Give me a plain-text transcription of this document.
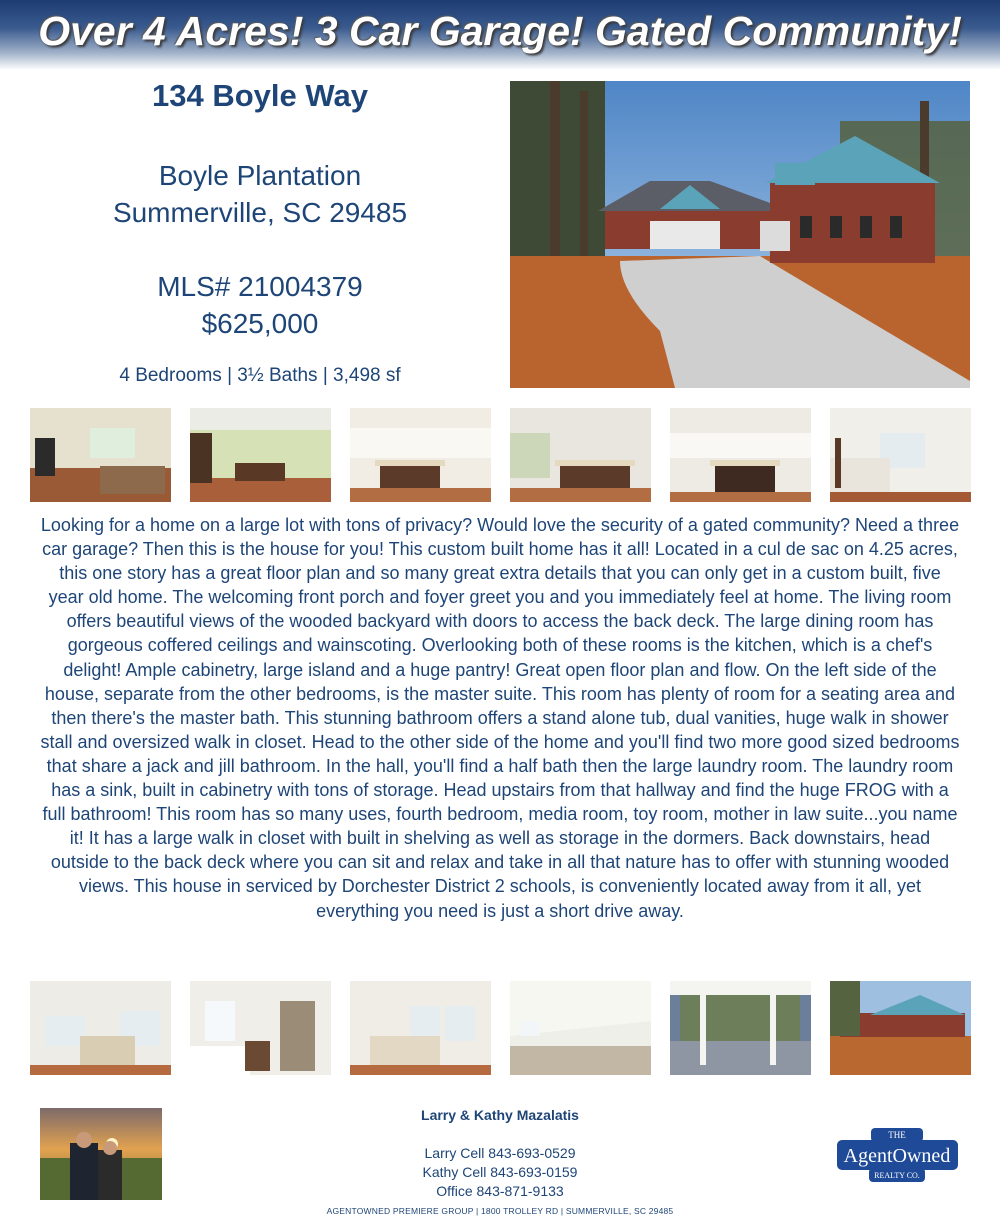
Over 4 Acres! 3 Car Garage! Gated Community!
134 Boyle Way
Boyle Plantation
Summerville, SC 29485
MLS# 21004379
$625,000
4 Bedrooms | 3½ Baths | 3,498 sf
Looking for a home on a large lot with tons of privacy? Would love the security of a gated community? Need a three car garage? Then this is the house for you! This custom built home has it all! Located in a cul de sac on 4.25 acres, this one story has a great floor plan and so many great extra details that you can only get in a custom built, five year old home. The welcoming front porch and foyer greet you and you immediately feel at home. The living room offers beautiful views of the wooded backyard with doors to access the back deck. The large dining room has gorgeous coffered ceilings and wainscoting. Overlooking both of these rooms is the kitchen, which is a chef's delight! Ample cabinetry, large island and a huge pantry! Great open floor plan and flow. On the left side of the house, separate from the other bedrooms, is the master suite. This room has plenty of room for a seating area and then there's the master bath. This stunning bathroom offers a stand alone tub, dual vanities, huge walk in shower stall and oversized walk in closet. Head to the other side of the home and you'll find two more good sized bedrooms that share a jack and jill bathroom. In the hall, you'll find a half bath then the large laundry room. The laundry room has a sink, built in cabinetry with tons of storage. Head upstairs from that hallway and find the huge FROG with a full bathroom! This room has so many uses, fourth bedroom, media room, toy room, mother in law suite...you name it! It has a large walk in closet with built in shelving as well as storage in the dormers. Back downstairs, head outside to the back deck where you can sit and relax and take in all that nature has to offer with stunning wooded views. This house in serviced by Dorchester District 2 schools, is conveniently located away from it all, yet everything you need is just a short drive away.
Larry & Kathy Mazalatis
Larry Cell 843-693-0529
Kathy Cell 843-693-0159
Office 843-871-9133
AGENTOWNED PREMIERE GROUP | 1800 TROLLEY RD | SUMMERVILLE, SC 29485
THE
AgentOwned
REALTY CO.
